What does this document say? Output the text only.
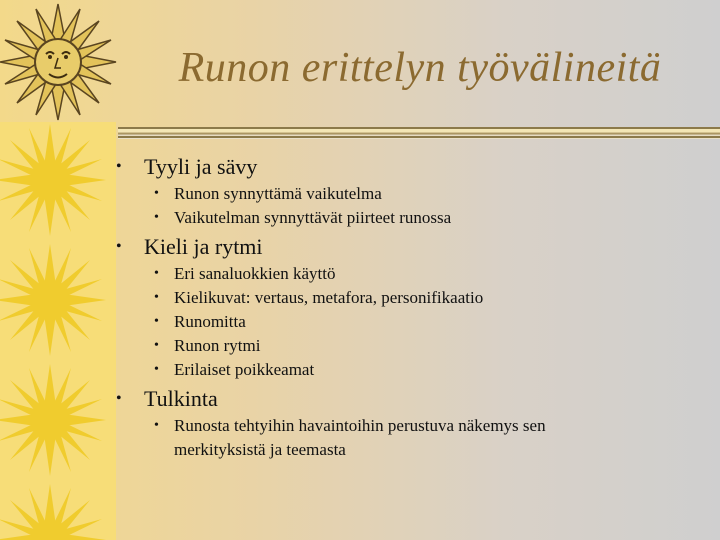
Runon erittelyn työvälineitä
• Tyyli ja sävy
• Runon synnyttämä vaikutelma
• Vaikutelman synnyttävät piirteet runossa
• Kieli ja rytmi
• Eri sanaluokkien käyttö
• Kielikuvat: vertaus, metafora, personifikaatio
• Runomitta
• Runon rytmi
• Erilaiset poikkeamat
• Tulkinta
• Runosta tehtyihin havaintoihin perustuva näkemys sen merkityksistä ja teemasta
